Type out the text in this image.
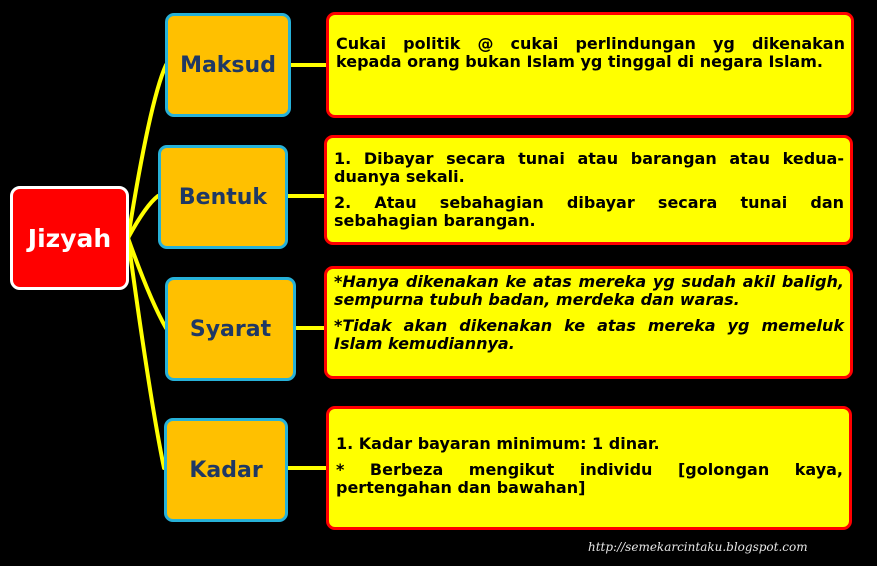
Jizyah
Maksud
Bentuk
Syarat
Kadar

Cukai politik @ cukai perlindungan yg dikenakan kepada orang bukan Islam yg tinggal di negara Islam.

1. Dibayar secara tunai atau barangan atau kedua-duanya sekali.

2. Atau sebahagian dibayar secara tunai dan sebahagian barangan.

*Hanya dikenakan ke atas mereka yg sudah akil baligh, sempurna tubuh badan, merdeka dan waras.

*Tidak akan dikenakan ke atas mereka yg memeluk Islam kemudiannya.

1. Kadar bayaran minimum: 1 dinar.

* Berbeza mengikut individu [golongan kaya, pertengahan dan bawahan]

http://semekarcintaku.blogspot.com
